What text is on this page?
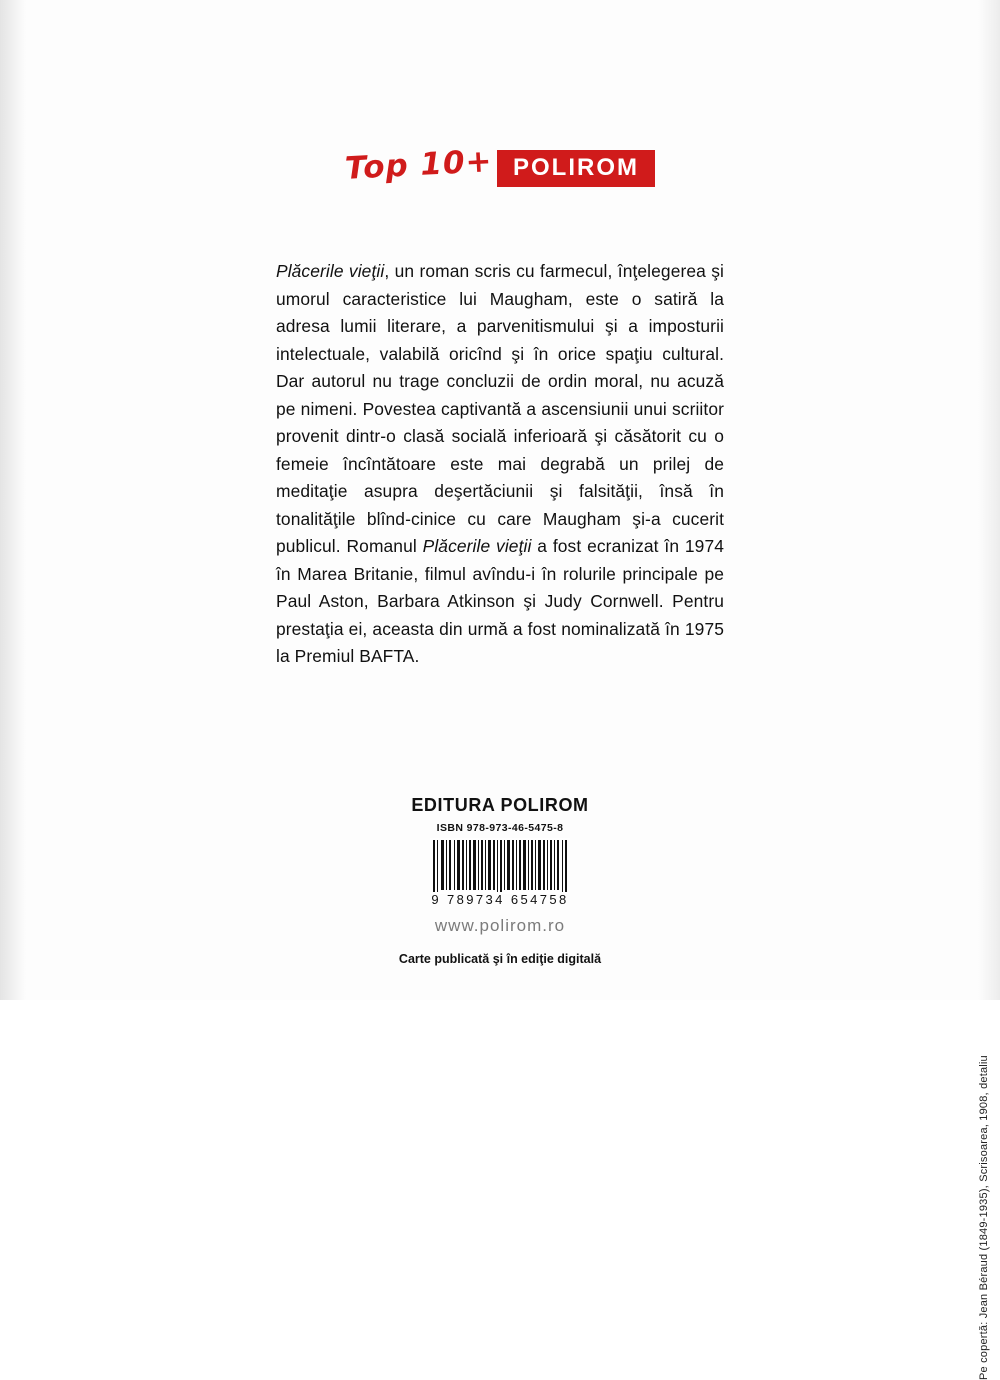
Top 10+ POLIROM
Plăcerile vieţii, un roman scris cu farmecul, înţelegerea şi umorul caracteristice lui Maugham, este o satiră la adresa lumii literare, a parvenitismului şi a imposturii intelectuale, valabilă oricînd şi în orice spaţiu cultural. Dar autorul nu trage concluzii de ordin moral, nu acuză pe nimeni. Povestea captivantă a ascensiunii unui scriitor provenit dintr-o clasă socială inferioară şi căsătorit cu o femeie încîntătoare este mai degrabă un prilej de meditaţie asupra deşertăciunii şi falsităţii, însă în tonalităţile blînd-cinice cu care Maugham şi-a cucerit publicul. Romanul Plăcerile vieţii a fost ecranizat în 1974 în Marea Britanie, filmul avîndu-i în rolurile principale pe Paul Aston, Barbara Atkinson şi Judy Cornwell. Pentru prestaţia ei, aceasta din urmă a fost nominalizată în 1975 la Premiul BAFTA.
Pe copertă: Jean Béraud (1849-1935), Scrisoarea, 1908, detaliu
EDITURA POLIROM
ISBN 978-973-46-5475-8
9 789734 654758
www.polirom.ro
Carte publicată şi în ediţie digitală
